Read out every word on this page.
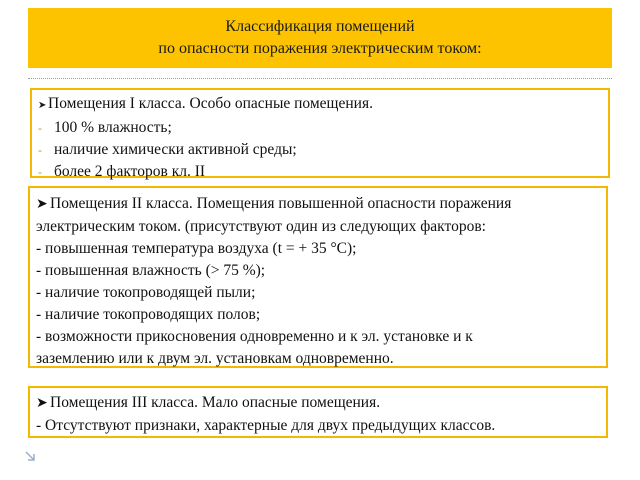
Классификация помещений
по опасности поражения электрическим током:
➤ Помещения I класса. Особо опасные помещения.
- 100 % влажность;
- наличие химически активной среды;
- более 2 факторов кл. II
➤ Помещения II класса. Помещения повышенной опасности поражения
электрическим током. (присутствуют один из следующих факторов:
- повышенная температура воздуха (t = + 35 °С);
- повышенная влажность (> 75 %);
- наличие токопроводящей пыли;
- наличие токопроводящих полов;
- возможности прикосновения одновременно и к эл. установке и к
заземлению или к двум эл. установкам одновременно.
➤ Помещения III класса. Мало опасные помещения.
- Отсутствуют признаки, характерные для двух предыдущих классов.
